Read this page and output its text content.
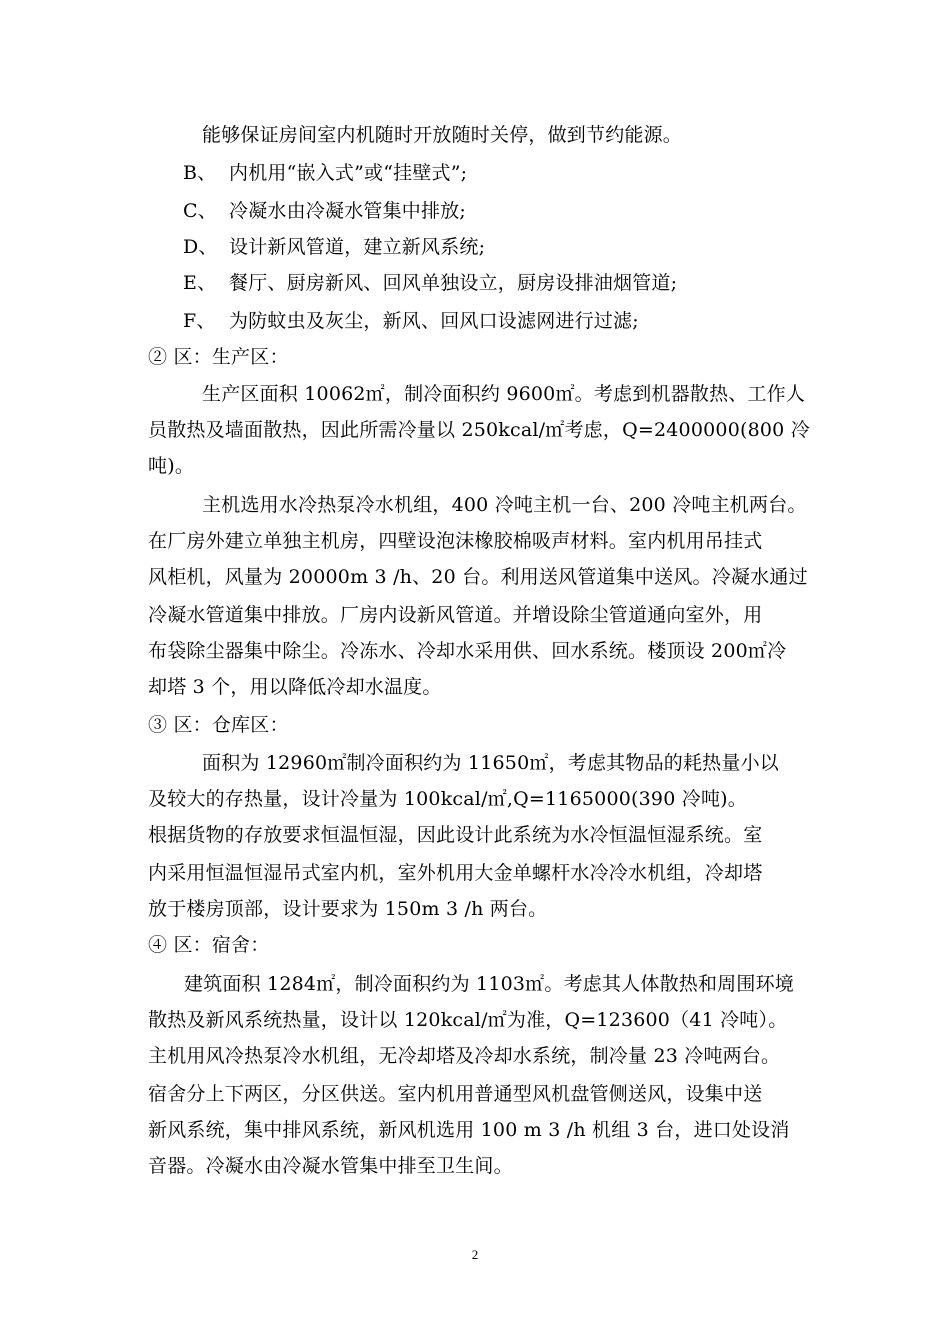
能够保证房间室内机随时开放随时关停，做到节约能源。
B、 内机用“嵌入式”或“挂壁式”;
C、 冷凝水由冷凝水管集中排放;
D、 设计新风管道，建立新风系统;
E、 餐厅、厨房新风、回风单独设立，厨房设排油烟管道;
F、 为防蚊虫及灰尘，新风、回风口设滤网进行过滤;
② 区：生产区：
生产区面积 10062㎡，制冷面积约 9600㎡。考虑到机器散热、工作人
员散热及墙面散热，因此所需冷量以 250kcal/㎡考虑，Q=2400000(800 冷
吨)。
主机选用水冷热泵冷水机组，400 冷吨主机一台、200 冷吨主机两台。
在厂房外建立单独主机房，四壁设泡沫橡胶棉吸声材料。室内机用吊挂式
风柜机，风量为 20000m 3 /h、20 台。利用送风管道集中送风。冷凝水通过
冷凝水管道集中排放。厂房内设新风管道。并增设除尘管道通向室外，用
布袋除尘器集中除尘。冷冻水、冷却水采用供、回水系统。楼顶设 200㎡冷
却塔 3 个，用以降低冷却水温度。
③ 区：仓库区：
面积为 12960㎡制冷面积约为 11650㎡，考虑其物品的耗热量小以
及较大的存热量，设计冷量为 100kcal/㎡,Q=1165000(390 冷吨)。
根据货物的存放要求恒温恒湿，因此设计此系统为水冷恒温恒湿系统。室
内采用恒温恒湿吊式室内机，室外机用大金单螺杆水冷冷水机组，冷却塔
放于楼房顶部，设计要求为 150m 3 /h 两台。
④ 区：宿舍：
建筑面积 1284㎡，制冷面积约为 1103㎡。考虑其人体散热和周围环境
散热及新风系统热量，设计以 120kcal/㎡为准，Q=123600（41 冷吨）。
主机用风冷热泵冷水机组，无冷却塔及冷却水系统，制冷量 23 冷吨两台。
宿舍分上下两区，分区供送。室内机用普通型风机盘管侧送风，设集中送
新风系统，集中排风系统，新风机选用 100 m 3 /h 机组 3 台，进口处设消
音器。冷凝水由冷凝水管集中排至卫生间。
2
